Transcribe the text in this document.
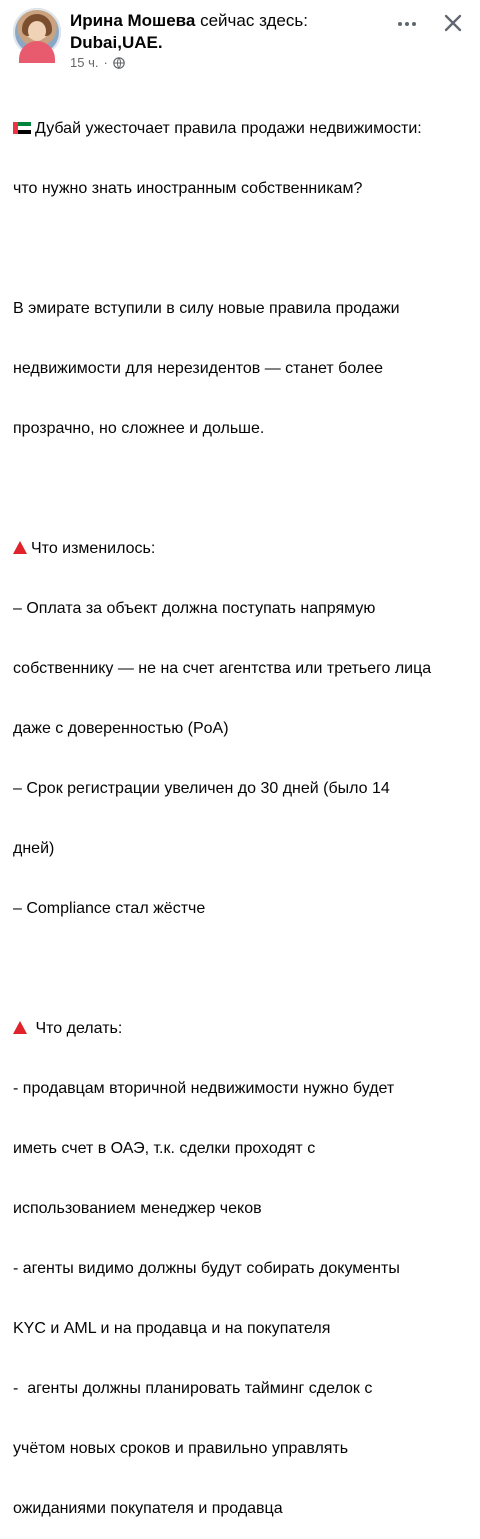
Ирина Мошева сейчас здесь:
Dubai,UAE.
15 ч. ·

Дубай ужесточает правила продажи недвижимости:

что нужно знать иностранным собственникам?

В эмирате вступили в силу новые правила продажи

недвижимости для нерезидентов — станет более

прозрачно, но сложнее и дольше.

Что изменилось:

– Оплата за объект должна поступать напрямую

собственнику — не на счет агентства или третьего лица

даже с доверенностью (PoA)

– Срок регистрации увеличен до 30 дней (было 14

дней)

– Compliance стал жёстче

Что делать:

- продавцам вторичной недвижимости нужно будет

иметь счет в ОАЭ, т.к. сделки проходят с

использованием менеджер чеков

- агенты видимо должны будут собирать документы

KYC и AML и на продавца и на покупателя

-  агенты должны планировать тайминг сделок с

учётом новых сроков и правильно управлять

ожиданиями покупателя и продавца
